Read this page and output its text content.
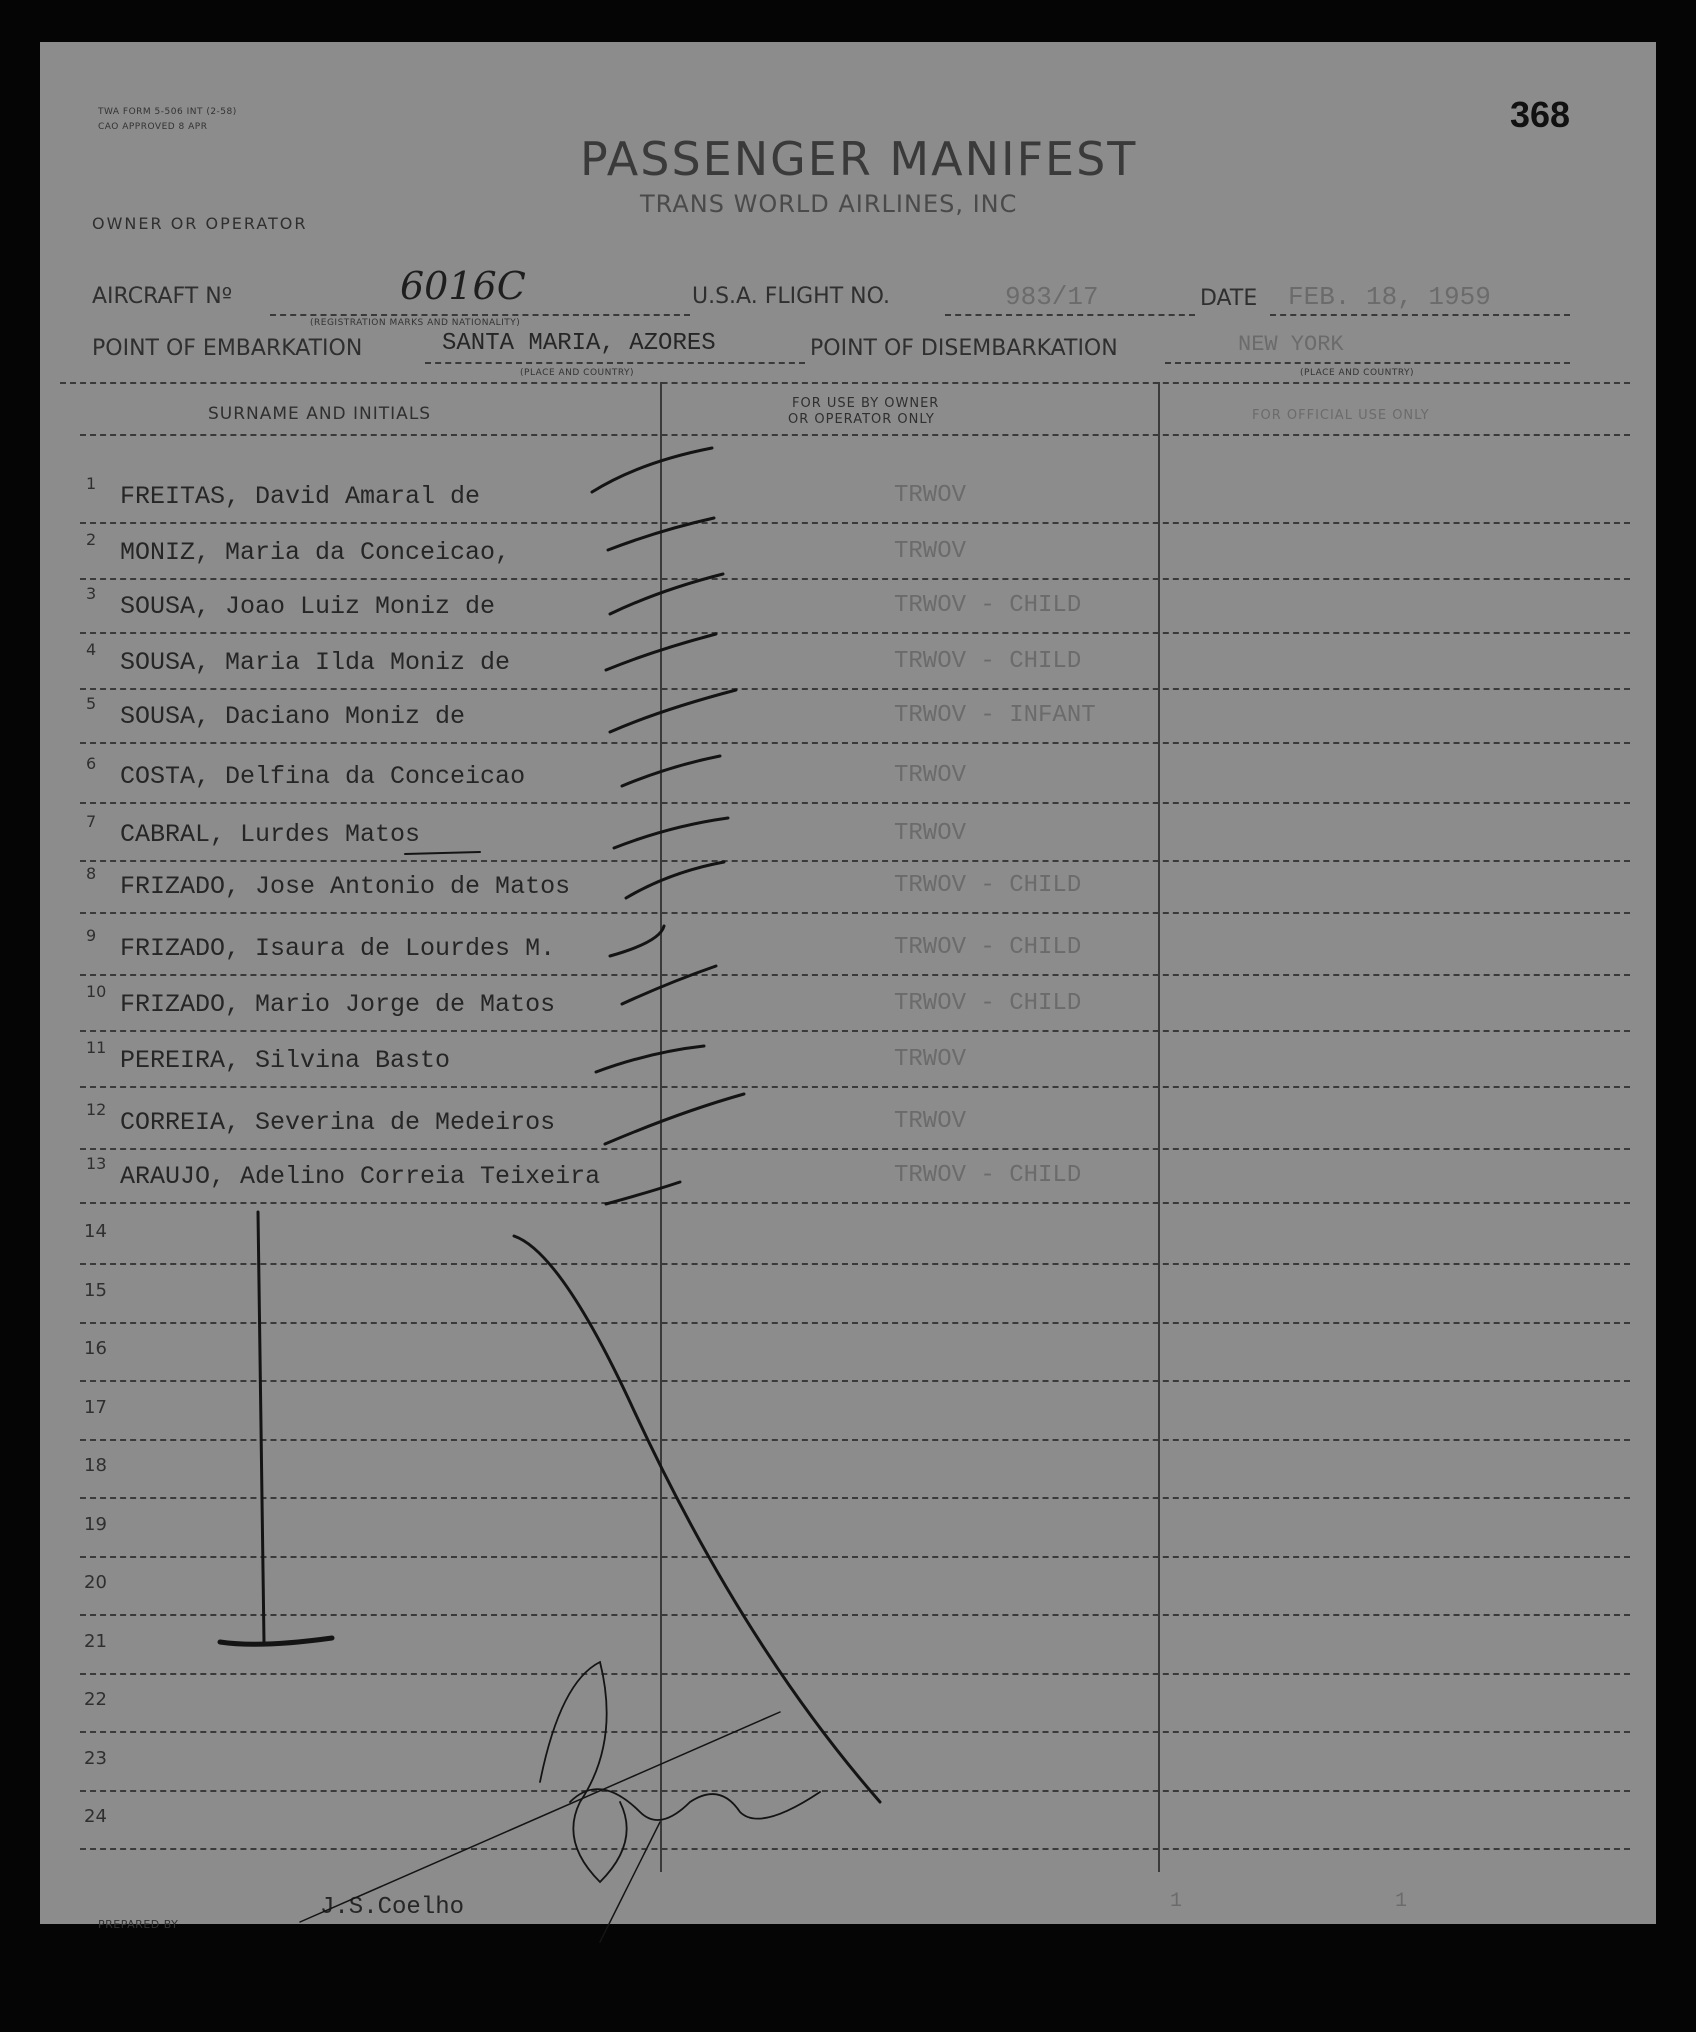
TWA FORM 5-506 INT (2-58)
CAO APPROVED 8 APR	368
PASSENGER MANIFEST
TRANS WORLD AIRLINES, INC
OWNER OR OPERATOR
AIRCRAFT Nº	6016C
(REGISTRATION MARKS AND NATIONALITY)
U.S.A. FLIGHT NO.	983/17	DATE FEB. 18, 1959
POINT OF EMBARKATION	SANTA MARIA, AZORES
(PLACE AND COUNTRY)
POINT OF DISEMBARKATION	NEW YORK
(PLACE AND COUNTRY)
SURNAME AND INITIALS
FOR USE BY OWNER
OR OPERATOR ONLY	FOR OFFICIAL USE ONLY
1 FREITAS, David Amaral de	TRWOV
2 MONIZ, Maria da Conceicao,	TRWOV
3 SOUSA, Joao Luiz Moniz de	TRWOV - CHILD
4 SOUSA, Maria Ilda Moniz de	TRWOV - CHILD
5 SOUSA, Daciano Moniz de	TRWOV - INFANT
6 COSTA, Delfina da Conceicao	TRWOV
7 CABRAL, Lurdes Matos	TRWOV
8 FRIZADO, Jose Antonio de Matos	TRWOV - CHILD
9 FRIZADO, Isaura de Lourdes M.	TRWOV - CHILD
10 FRIZADO, Mario Jorge de Matos	TRWOV - CHILD
11 PEREIRA, Silvina Basto	TRWOV
12 CORREIA, Severina de Medeiros	TRWOV
13 ARAUJO, Adelino Correia Teixeira	TRWOV - CHILD
14
15
16
17
18
19
20
21
22
23
24
PREPARED BY
J.S.Coelho	1	1
